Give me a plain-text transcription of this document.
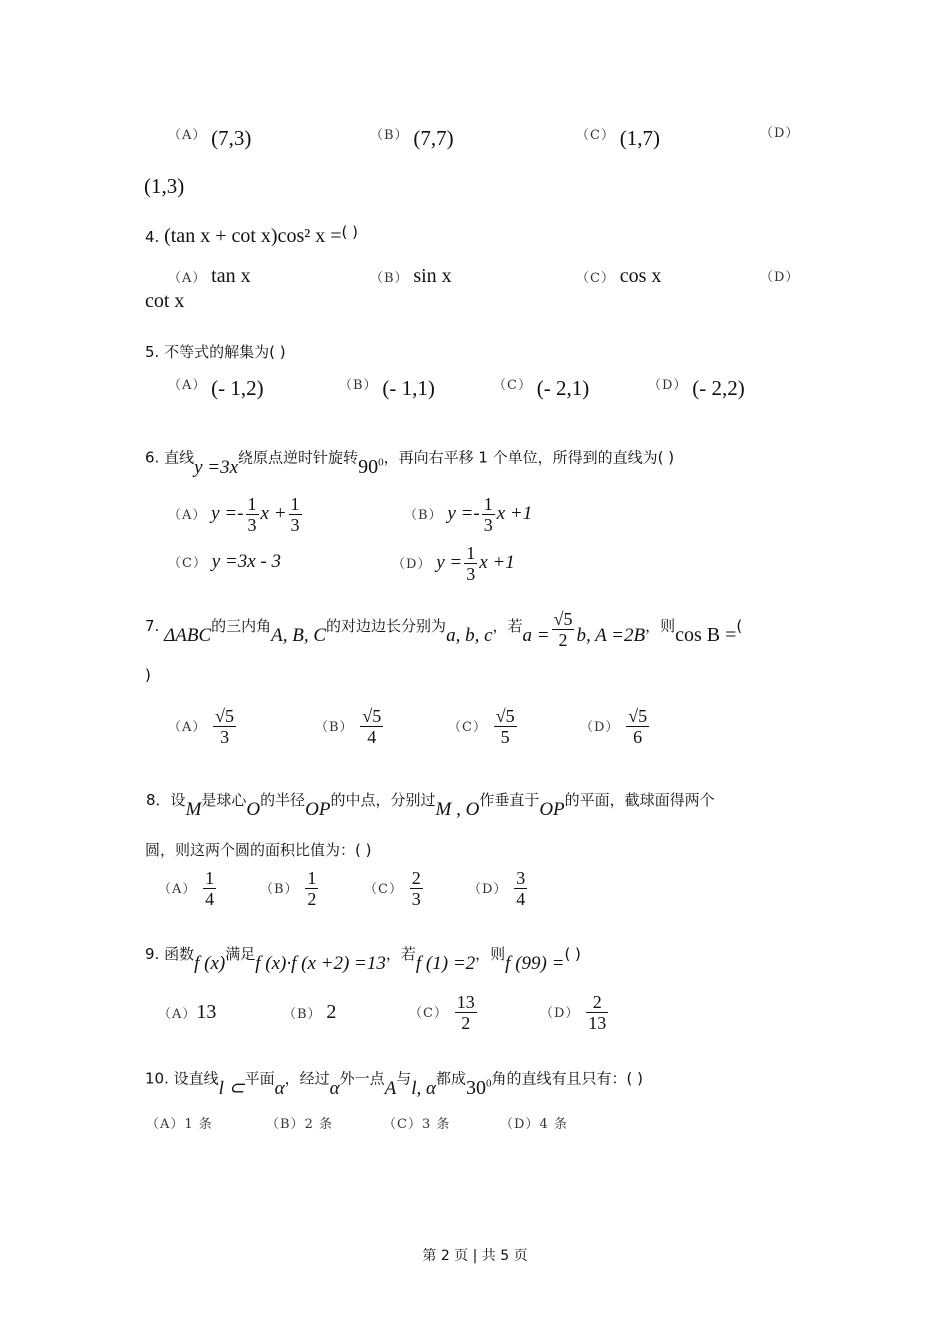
（A） (7,3)	（B） (7,7)	（C） (1,7)	（D）
(1,3)
4. (tan x + cot x)cos² x =( )
（A） tan x	（B） sin x	（C） cos x	（D）
cot x
5. 不等式的解集为( )
（A） (- 1,2)	（B） (- 1,1)	（C） (- 2,1)	（D） (- 2,2)
6. 直线y =3x绕原点逆时针旋转$90^0$，再向右平移 1 个单位，所得到的直线为( )
（A） $y =- \frac{1}{3}$ $x + \frac{1}{3}$	（B） $y =- \frac{1}{3}$ x +1
（C） y =3x - 3	（D） $y = \frac{1}{3}$ x +1
7. ΔABC的三内角A, B, C的对边边长分别为a, b, c，若$a = \frac{√5}{2} b$, A =2B，则cos B =(
)
$(A) \frac{√5}{3}$	$(B) \frac{√5}{4}$	$(C) \frac{√5}{5}$	$(D) \frac{√5}{6}$
8．设M是球心O的半径OP的中点，分别过M , O作垂直于OP的平面，截球面得两个
圆，则这两个圆的面积比值为：( )
$(A) \frac{1}{4}$	$(B) \frac{1}{2}$	$(C) \frac{2}{3}$	$(D) \frac{3}{4}$
9. 函数f (x)满足f (x)·f (x +2) =13，若f (1) =2，则f (99) =( )
（A）13	（B） 2	$(C) \frac{13}{2}$	$(D) \frac{2}{13}$
10. 设直线l ⊂平面α，经过α外一点A与l, α都成$30^0$角的直线有且只有：( )
（A）1 条	（B）2 条	（C）3 条	（D）4 条
第 2 页 | 共 5 页
